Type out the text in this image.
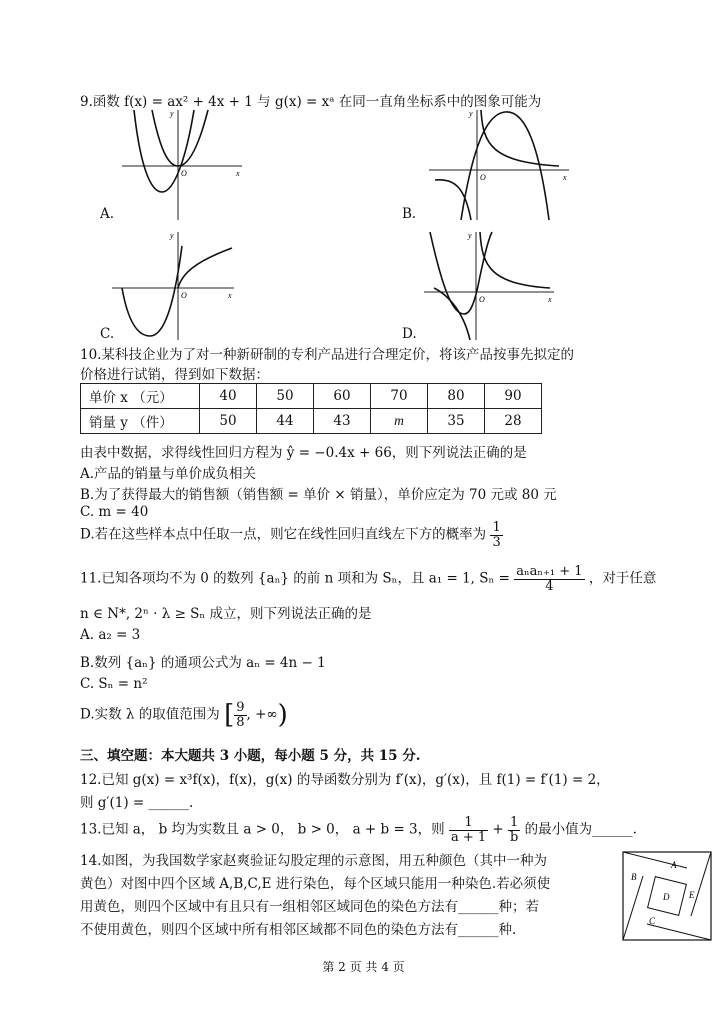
9.函数 f(x) = ax² + 4x + 1 与 g(x) = xᵃ 在同一直角坐标系中的图象可能为
y
x
O
A.
y
x
O
B.
y
x
O
C.
y
x
O
D.
10.某科技企业为了对一种新研制的专利产品进行合理定价，将该产品按事先拟定的
价格进行试销，得到如下数据：
单价 x （元）	40	50	60	70	80	90
销量 y （件）	50	44	43	m	35	28
由表中数据，求得线性回归方程为 ŷ = −0.4x + 66，则下列说法正确的是
A.产品的销量与单价成负相关
B.为了获得最大的销售额（销售额 = 单价 × 销量），单价应定为 70 元或 80 元
C. m = 40
D.若在这些样本点中任取一点，则它在线性回归直线左下方的概率为 $\frac{1}{3}$
11.已知各项均不为 0 的数列 {aₙ} 的前 n 项和为 Sₙ，且 a₁ = 1, $S_n = \frac{\text{aₙaₙ₊₁ + 1}}{4}$ ，对于任意
n ∈ N*, 2ⁿ · λ ≥ Sₙ 成立，则下列说法正确的是
A. a₂ = 3
B.数列 {aₙ} 的通项公式为 aₙ = 4n − 1
C. Sₙ = n²
D.实数 λ 的取值范围为 [ $\frac{9}{8}$ , +∞)
三、填空题：本大题共 3 小题，每小题 5 分，共 15 分.
12.已知 g(x) = x³f(x)，f(x)，g(x) 的导函数分别为 f′(x)，g′(x)，且 f(1) = f′(1) = 2，
则 g′(1) = ______.
13.已知 a， b 均为实数且 a > 0， b > 0， a + b = 3，则 $\frac{1}{a + 1} + \frac{1}{b}$ 的最小值为______.
14.如图，为我国数学家赵爽验证勾股定理的示意图，用五种颜色（其中一种为
黄色）对图中四个区域 A,B,C,E 进行染色，每个区域只能用一种染色.若必须使
用黄色，则四个区域中有且只有一组相邻区域同色的染色方法有______种；若
不使用黄色，则四个区域中所有相邻区域都不同色的染色方法有______种.
A
B
C
D E
第 2 页 共 4 页
